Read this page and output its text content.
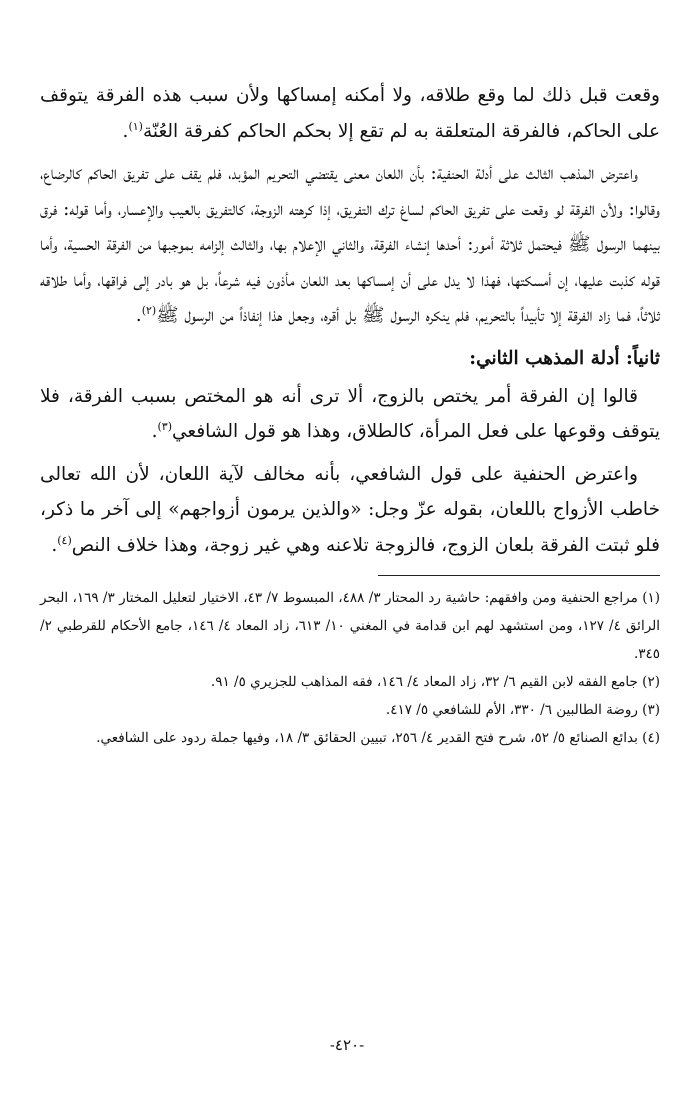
وقعت قبل ذلك لما وقع طلاقه، ولا أمكنه إمساكها ولأن سبب هذه الفرقة يتوقف على الحاكم، فالفرقة المتعلقة به لم تقع إلا بحكم الحاكم كفرقة العُنّة$^{(١)}$.

واعترض المذهب الثالث على أدلة الحنفية: بأن اللعان معنى يقتضي التحريم المؤبد، فلم يقف على تفريق الحاكم كالرضاع، وقالوا: ولأن الفرقة لو وقعت على تفريق الحاكم لساغ ترك التفريق، إذا كرهته الزوجة، كالتفريق بالعيب والإعسار، وأما قوله: فرق بينهما الرسول ﷺ فيحتمل ثلاثة أمور: أحدها إنشاء الفرقة، والثاني الإعلام بها، والثالث إلزامه بموجبها من الفرقة الحسية، وأما قوله كذبت عليها، إن أمسكتها، فهذا لا يدل على أن إمساكها بعد اللعان مأذون فيه شرعاً، بل هو بادر إلى فراقها، وأما طلاقه ثلاثاً، فما زاد الفرقة إلا تأبيداً بالتحريم، فلم ينكره الرسول ﷺ بل أقره، وجعل هذا إنفاذاً من الرسول ﷺ$^{(٢)}$.

ثانياً: أدلة المذهب الثاني:

قالوا إن الفرقة أمر يختص بالزوج، ألا ترى أنه هو المختص بسبب الفرقة، فلا يتوقف وقوعها على فعل المرأة، كالطلاق، وهذا هو قول الشافعي$^{(٣)}$.

واعترض الحنفية على قول الشافعي، بأنه مخالف لآية اللعان، لأن الله تعالى خاطب الأزواج باللعان، بقوله عزّ وجل: «والذين يرمون أزواجهم» إلى آخر ما ذكر، فلو ثبتت الفرقة بلعان الزوج، فالزوجة تلاعنه وهي غير زوجة، وهذا خلاف النص$^{(٤)}$.

(١) مراجع الحنفية ومن وافقهم: حاشية رد المحتار ٣/ ٤٨٨، المبسوط ٧/ ٤٣، الاختيار لتعليل المختار ٣/ ١٦٩، البحر الرائق ٤/ ١٢٧، ومن استشهد لهم ابن قدامة في المغني ١٠/ ٦١٣، زاد المعاد ٤/ ١٤٦، جامع الأحكام للقرطبي ٢/ ٣٤٥.

(٢) جامع الفقه لابن القيم ٦/ ٣٢، زاد المعاد ٤/ ١٤٦، فقه المذاهب للجزيري ٥/ ٩١.

(٣) روضة الطالبين ٦/ ٣٣٠، الأم للشافعي ٥/ ٤١٧.

(٤) بدائع الصنائع ٥/ ٥٢، شرح فتح القدير ٤/ ٢٥٦، تبيين الحقائق ٣/ ١٨، وفيها جملة ردود على الشافعي.

-٤٢٠-
